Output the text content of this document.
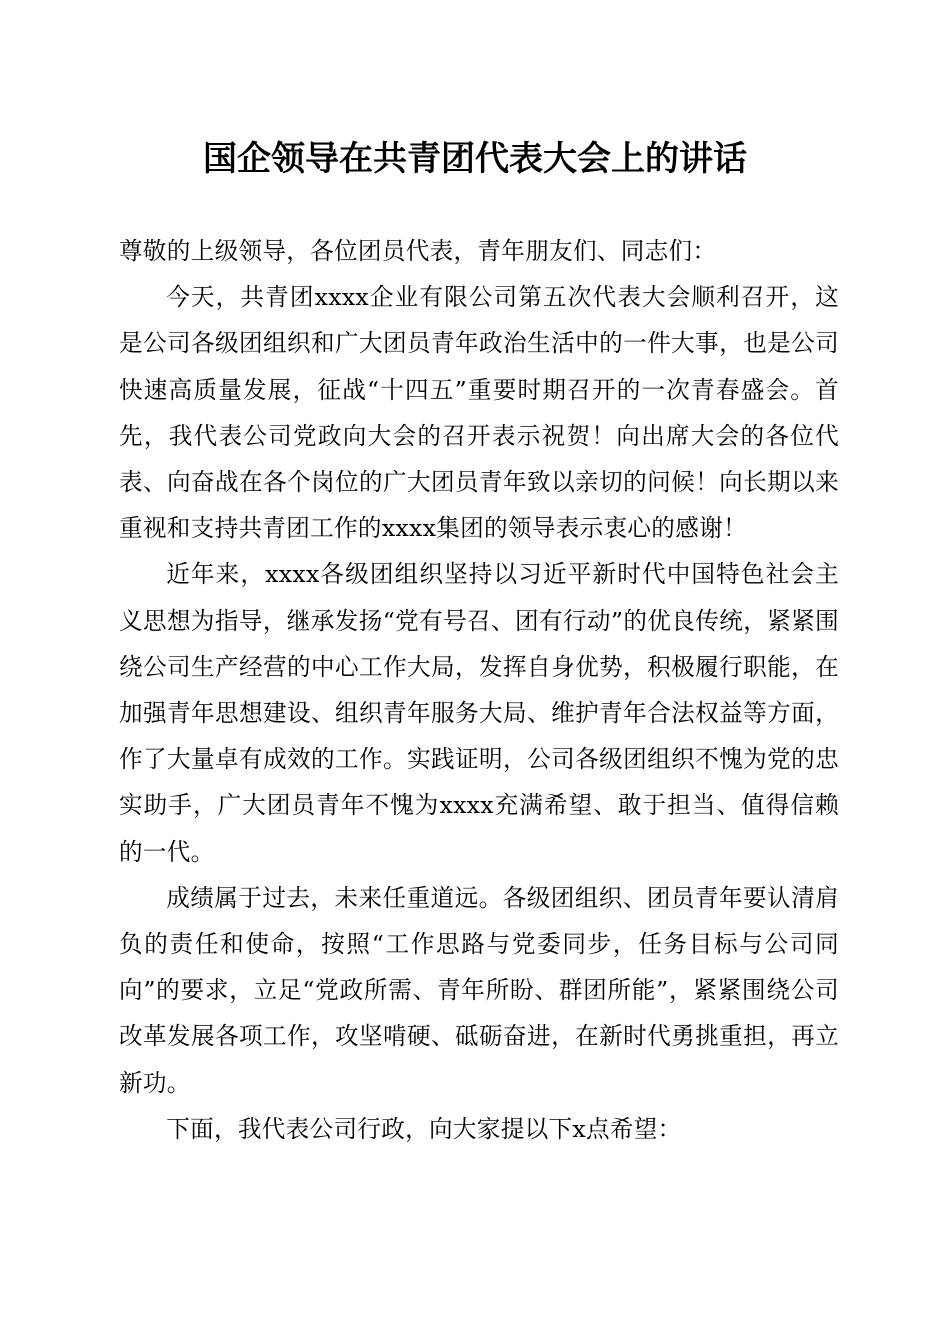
国企领导在共青团代表大会上的讲话

尊敬的上级领导，各位团员代表，青年朋友们、同志们：

今天，共青团xxxx企业有限公司第五次代表大会顺利召开，这是公司各级团组织和广大团员青年政治生活中的一件大事，也是公司快速高质量发展，征战“十四五”重要时期召开的一次青春盛会。首先，我代表公司党政向大会的召开表示祝贺！向出席大会的各位代表、向奋战在各个岗位的广大团员青年致以亲切的问候！向长期以来重视和支持共青团工作的xxxx集团的领导表示衷心的感谢！

近年来，xxxx各级团组织坚持以习近平新时代中国特色社会主义思想为指导，继承发扬“党有号召、团有行动”的优良传统，紧紧围绕公司生产经营的中心工作大局，发挥自身优势，积极履行职能，在加强青年思想建设、组织青年服务大局、维护青年合法权益等方面，作了大量卓有成效的工作。实践证明，公司各级团组织不愧为党的忠实助手，广大团员青年不愧为xxxx充满希望、敢于担当、值得信赖的一代。

成绩属于过去，未来任重道远。各级团组织、团员青年要认清肩负的责任和使命，按照“工作思路与党委同步，任务目标与公司同向”的要求，立足“党政所需、青年所盼、群团所能”，紧紧围绕公司改革发展各项工作，攻坚啃硬、砥砺奋进，在新时代勇挑重担，再立新功。

下面，我代表公司行政，向大家提以下x点希望：
